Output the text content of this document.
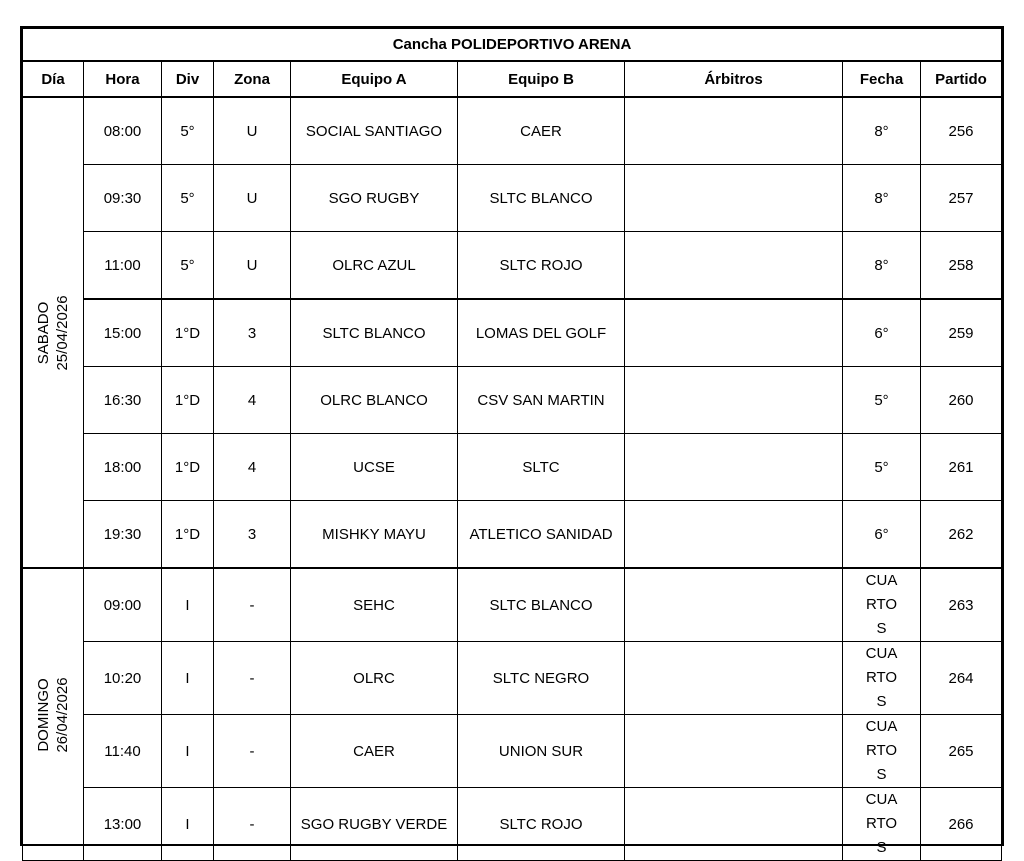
Cancha POLIDEPORTIVO ARENA								
Día	Hora	Div	Zona	Equipo A	Equipo B	Árbitros	Fecha	Partido

SABADO 25/04/2026	08:00	5°	U	SOCIAL SANTIAGO	CAER		8°	256
	09:30	5°	U	SGO RUGBY	SLTC BLANCO		8°	257
	11:00	5°	U	OLRC AZUL	SLTC ROJO		8°	258
	15:00	1°D	3	SLTC BLANCO	LOMAS DEL GOLF		6°	259
	16:30	1°D	4	OLRC BLANCO	CSV SAN MARTIN		5°	260
	18:00	1°D	4	UCSE	SLTC		5°	261
	19:30	1°D	3	MISHKY MAYU	ATLETICO SANIDAD		6°	262

DOMINGO 26/04/2026	09:00	I	-	SEHC	SLTC BLANCO		CUARTOS	263
	10:20	I	-	OLRC	SLTC NEGRO		CUARTOS	264
	11:40	I	-	CAER	UNION SUR		CUARTOS	265
	13:00	I	-	SGO RUGBY VERDE	SLTC ROJO		CUARTOS	266
